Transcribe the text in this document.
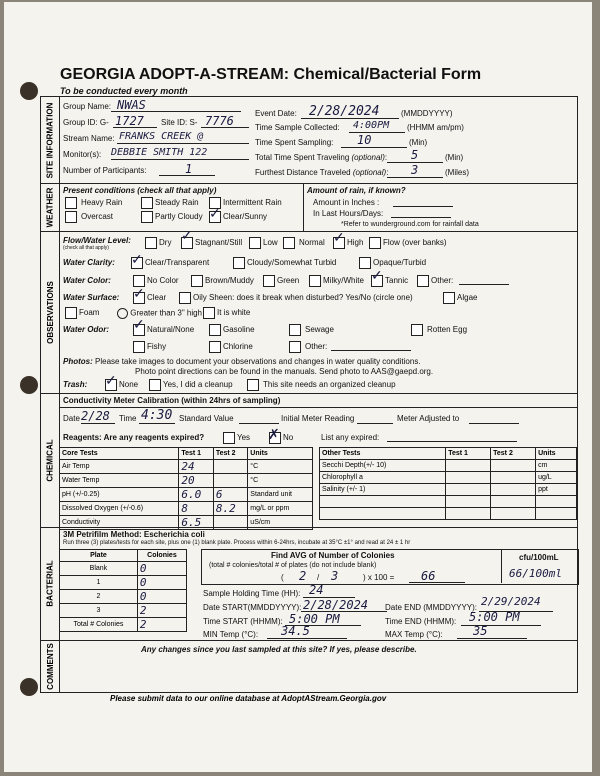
GEORGIA ADOPT-A-STREAM: Chemical/Bacterial Form
To be conducted every month
SITE INFORMATION
WEATHER
OBSERVATIONS
CHEMICAL
BACTERIAL
COMMENTS
Group Name: NWAS
Group ID: G- 1727 Site ID: S- 7776
Stream Name: FRANKS CREEK @
Monitor(s): DEBBIE SMITH 122
Number of Participants:	1
Event Date: 2/28/2024	(MMDDYYYY)
Time Sample Collected: 4:00PM (HHMM am/pm)
Time Spent Sampling: 10	(Min)
Total Time Spent Traveling (optional): 5	(Min)
Furthest Distance Traveled (optional): 3	(Miles)
Present conditions (check all that apply)
Heavy Rain	Steady Rain	Intermittent Rain
Overcast	Partly Cloudy ✓ Clear/Sunny
Amount of rain, if known?
Amount in Inches :
In Last Hours/Days:
*Refer to wunderground.com for rainfall data
Flow/Water Level:
(check all that apply)
Dry ✓ Stagnant/Still	Low	Normal ✓ High Flow (over banks)
Water Clarity: ✓ Clear/Transparent	Cloudy/Somewhat Turbid	Opaque/Turbid
Water Color:	No Color	Brown/Muddy	Green	Milky/White ✓ Tannic	Other:
Water Surface: ✓ Clear	Oily Sheen: does it break when disturbed? Yes/No (circle one)	Algae
Foam	Greater than 3" high It is white
Water Odor: ✓ Natural/None	Gasoline	Sewage	Rotten Egg
Fishy	Chlorine	Other:
Photos: Please take images to document your observations and changes in water quality conditions.
Photo point directions can be found in the manuals. Send photo to AAS@gaepd.org.
Trash: ✓ None	Yes, I did a cleanup	This site needs an organized cleanup
Conductivity Meter Calibration (within 24hrs of sampling)
Date 2/28 Time 4:30 Standard Value	Initial Meter Reading	Meter Adjusted to
Reagents: Are any reagents expired?	Yes ✗ No	List any expired:
Core Tests	Test 1	Test 2	Units
Air Temp	24		°C
Water Temp	20		°C
pH (+/-0.25)	6.0	6	Standard unit
Dissolved Oxygen (+/-0.6)	8	8.2	mg/L or ppm
Conductivity	6.5		uS/cm
Other Tests	Test 1	Test 2	Units
Secchi Depth(+/- 10)			cm
Chlorophyll a			ug/L
Salinity (+/- 1)			ppt

3M Petrifilm Method: Escherichia coli
Run three (3) plates/tests for each site, plus one (1) blank plate. Process within 6-24hrs, incubate at 35°C ±1° and read at 24 ± 1 hr
Plate	Colonies
Blank	0
1	0
2	0
3	2
Total # Colonies	2
Find AVG of Number of Colonies
(total # colonies/total # of plates (do not include blank)
( 2 / 3	) x 100 = 66
cfu/100mL
66/100ml
Sample Holding Time (HH): 24
Date START(MMDDYYYY): 2/28/2024 Date END (MMDDYYYY): 2/29/2024
Time START (HHMM): 5:00 PM	Time END (HHMM): 5:00 PM
MIN Temp (°C): 34.5	MAX Temp (°C):	35
Any changes since you last sampled at this site? If yes, please describe.
Please submit data to our online database at AdoptAStream.Georgia.gov
